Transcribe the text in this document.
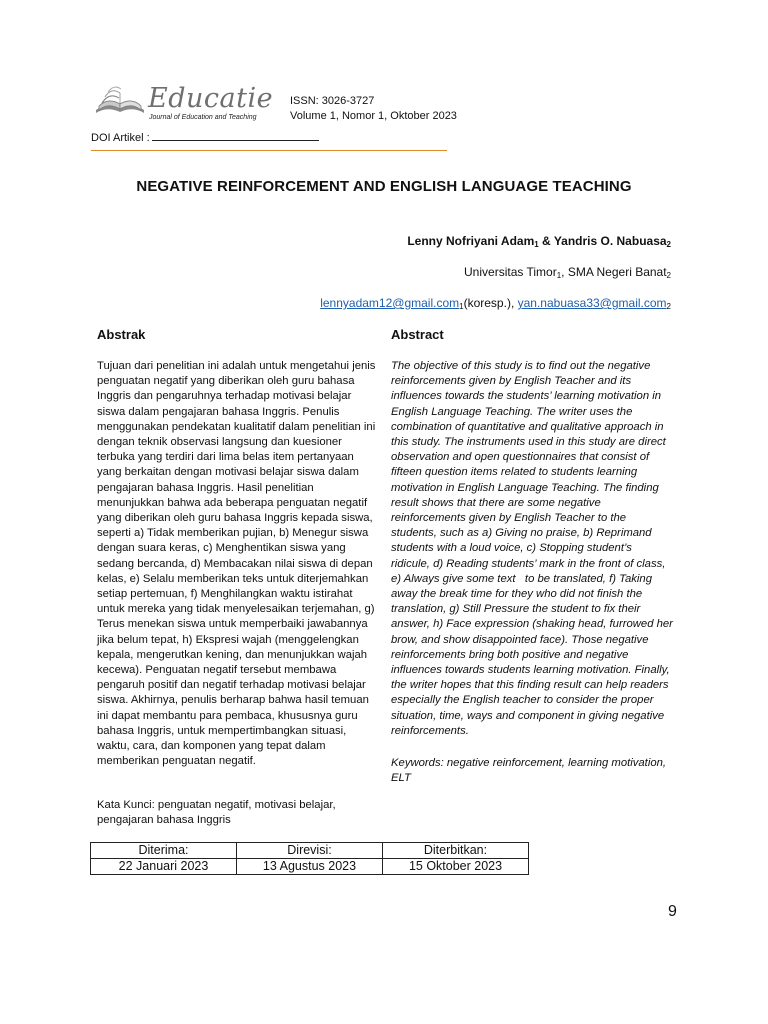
Educatie
Journal of Education and Teaching
ISSN: 3026-3727
Volume 1, Nomor 1, Oktober 2023
DOI Artikel :
NEGATIVE REINFORCEMENT AND ENGLISH LANGUAGE TEACHING
Lenny Nofriyani Adam$_1$ & Yandris O. Nabuasa$_2$
Universitas Timor$_1$, SMA Negeri Banat$_2$
lennyadam12@gmail.com$_1$(koresp.), yan.nabuasa33@gmail.com$_2$
Abstrak	Abstract
Tujuan dari penelitian ini adalah untuk mengetahui jenis penguatan negatif yang diberikan oleh guru bahasa Inggris dan pengaruhnya terhadap motivasi belajar siswa dalam pengajaran bahasa Inggris. Penulis menggunakan pendekatan kualitatif dalam penelitian ini dengan teknik observasi langsung dan kuesioner terbuka yang terdiri dari lima belas item pertanyaan yang berkaitan dengan motivasi belajar siswa dalam pengajaran bahasa Inggris. Hasil penelitian menunjukkan bahwa ada beberapa penguatan negatif yang diberikan oleh guru bahasa Inggris kepada siswa, seperti a) Tidak memberikan pujian, b) Menegur siswa dengan suara keras, c) Menghentikan siswa yang sedang bercanda, d) Membacakan nilai siswa di depan kelas, e) Selalu memberikan teks untuk diterjemahkan setiap pertemuan, f) Menghilangkan waktu istirahat untuk mereka yang tidak menyelesaikan terjemahan, g) Terus menekan siswa untuk memperbaiki jawabannya jika belum tepat, h) Ekspresi wajah (menggelengkan kepala, mengerutkan kening, dan menunjukkan wajah kecewa). Penguatan negatif tersebut membawa pengaruh positif dan negatif terhadap motivasi belajar siswa. Akhirnya, penulis berharap bahwa hasil temuan ini dapat membantu para pembaca, khususnya guru bahasa Inggris, untuk mempertimbangkan situasi, waktu, cara, dan komponen yang tepat dalam memberikan penguatan negatif.
The objective of this study is to find out the negative reinforcements given by English Teacher and its influences towards the students’ learning motivation in English Language Teaching. The writer uses the combination of quantitative and qualitative approach in this study. The instruments used in this study are direct observation and open questionnaires that consist of fifteen question items related to students learning motivation in English Language Teaching. The finding result shows that there are some negative reinforcements given by English Teacher to the students, such as a) Giving no praise, b) Reprimand students with a loud voice, c) Stopping student’s ridicule, d) Reading students’ mark in the front of class, e) Always give some text   to be translated, f) Taking away the break time for they who did not finish the translation, g) Still Pressure the student to fix their answer, h) Face expression (shaking head, furrowed her brow, and show disappointed face). Those negative reinforcements bring both positive and negative influences towards students learning motivation. Finally, the writer hopes that this finding result can help readers especially the English teacher to consider the proper situation, time, ways and component in giving negative reinforcements.
Kata Kunci: penguatan negatif, motivasi belajar, pengajaran bahasa Inggris
Keywords: negative reinforcement, learning motivation, ELT
Diterima:	Direvisi:	Diterbitkan:
22 Januari 2023	13 Agustus 2023	15 Oktober 2023
9
